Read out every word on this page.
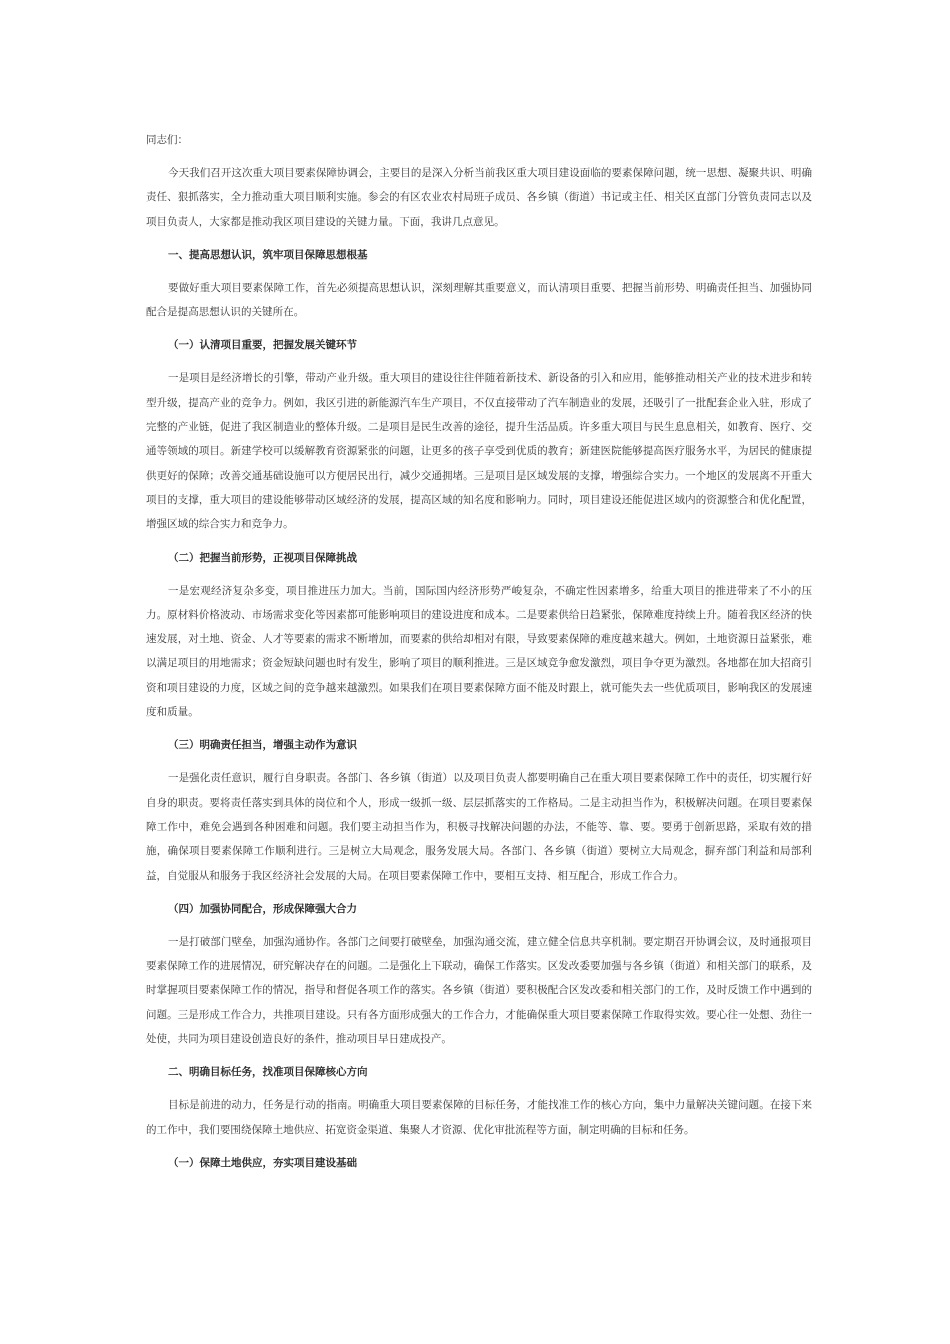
同志们：

今天我们召开这次重大项目要素保障协调会，主要目的是深入分析当前我区重大项目建设面临的要素保障问题，统一思想、凝聚共识、明确责任、狠抓落实，全力推动重大项目顺利实施。参会的有区农业农村局班子成员、各乡镇（街道）书记或主任、相关区直部门分管负责同志以及项目负责人，大家都是推动我区项目建设的关键力量。下面，我讲几点意见。

一、提高思想认识，筑牢项目保障思想根基

要做好重大项目要素保障工作，首先必须提高思想认识，深刻理解其重要意义，而认清项目重要、把握当前形势、明确责任担当、加强协同配合是提高思想认识的关键所在。

（一）认清项目重要，把握发展关键环节

一是项目是经济增长的引擎，带动产业升级。重大项目的建设往往伴随着新技术、新设备的引入和应用，能够推动相关产业的技术进步和转型升级，提高产业的竞争力。例如，我区引进的新能源汽车生产项目，不仅直接带动了汽车制造业的发展，还吸引了一批配套企业入驻，形成了完整的产业链，促进了我区制造业的整体升级。二是项目是民生改善的途径，提升生活品质。许多重大项目与民生息息相关，如教育、医疗、交通等领域的项目。新建学校可以缓解教育资源紧张的问题，让更多的孩子享受到优质的教育；新建医院能够提高医疗服务水平，为居民的健康提供更好的保障；改善交通基础设施可以方便居民出行，减少交通拥堵。三是项目是区域发展的支撑，增强综合实力。一个地区的发展离不开重大项目的支撑，重大项目的建设能够带动区域经济的发展，提高区域的知名度和影响力。同时，项目建设还能促进区域内的资源整合和优化配置，增强区域的综合实力和竞争力。

（二）把握当前形势，正视项目保障挑战

一是宏观经济复杂多变，项目推进压力加大。当前，国际国内经济形势严峻复杂，不确定性因素增多，给重大项目的推进带来了不小的压力。原材料价格波动、市场需求变化等因素都可能影响项目的建设进度和成本。二是要素供给日趋紧张，保障难度持续上升。随着我区经济的快速发展，对土地、资金、人才等要素的需求不断增加，而要素的供给却相对有限，导致要素保障的难度越来越大。例如，土地资源日益紧张，难以满足项目的用地需求；资金短缺问题也时有发生，影响了项目的顺利推进。三是区域竞争愈发激烈，项目争夺更为激烈。各地都在加大招商引资和项目建设的力度，区域之间的竞争越来越激烈。如果我们在项目要素保障方面不能及时跟上，就可能失去一些优质项目，影响我区的发展速度和质量。

（三）明确责任担当，增强主动作为意识

一是强化责任意识，履行自身职责。各部门、各乡镇（街道）以及项目负责人都要明确自己在重大项目要素保障工作中的责任，切实履行好自身的职责。要将责任落实到具体的岗位和个人，形成一级抓一级、层层抓落实的工作格局。二是主动担当作为，积极解决问题。在项目要素保障工作中，难免会遇到各种困难和问题。我们要主动担当作为，积极寻找解决问题的办法，不能等、靠、要。要勇于创新思路，采取有效的措施，确保项目要素保障工作顺利进行。三是树立大局观念，服务发展大局。各部门、各乡镇（街道）要树立大局观念，摒弃部门利益和局部利益，自觉服从和服务于我区经济社会发展的大局。在项目要素保障工作中，要相互支持、相互配合，形成工作合力。

（四）加强协同配合，形成保障强大合力

一是打破部门壁垒，加强沟通协作。各部门之间要打破壁垒，加强沟通交流，建立健全信息共享机制。要定期召开协调会议，及时通报项目要素保障工作的进展情况，研究解决存在的问题。二是强化上下联动，确保工作落实。区发改委要加强与各乡镇（街道）和相关部门的联系，及时掌握项目要素保障工作的情况，指导和督促各项工作的落实。各乡镇（街道）要积极配合区发改委和相关部门的工作，及时反馈工作中遇到的问题。三是形成工作合力，共推项目建设。只有各方面形成强大的工作合力，才能确保重大项目要素保障工作取得实效。要心往一处想、劲往一处使，共同为项目建设创造良好的条件，推动项目早日建成投产。

二、明确目标任务，找准项目保障核心方向

目标是前进的动力，任务是行动的指南。明确重大项目要素保障的目标任务，才能找准工作的核心方向，集中力量解决关键问题。在接下来的工作中，我们要围绕保障土地供应、拓宽资金渠道、集聚人才资源、优化审批流程等方面，制定明确的目标和任务。

（一）保障土地供应，夯实项目建设基础
